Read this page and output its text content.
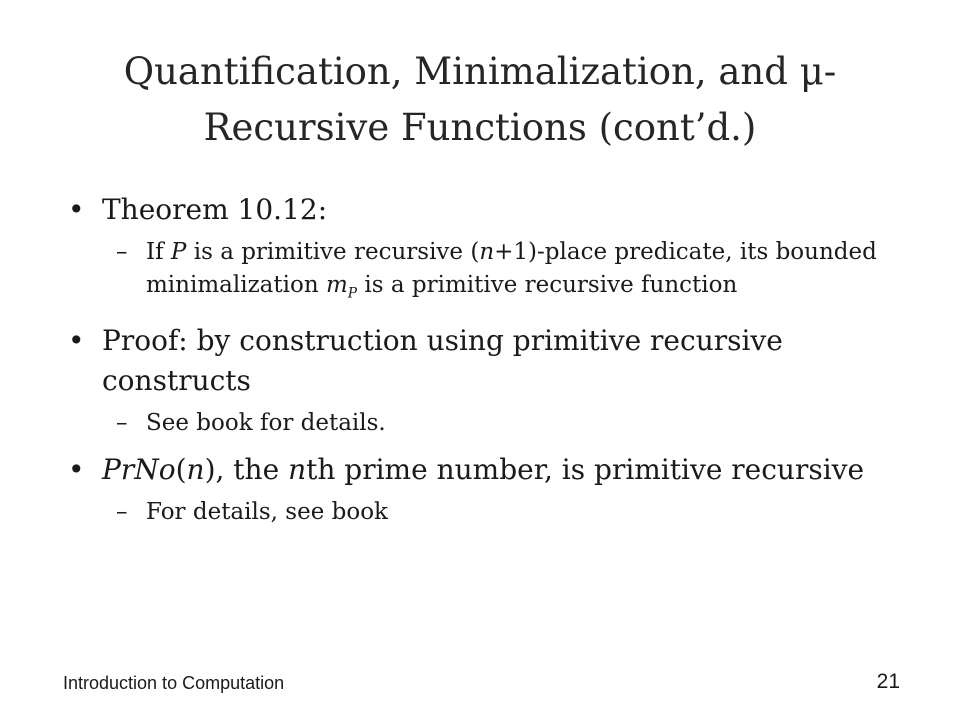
Quantification, Minimalization, and μ-
Recursive Functions (cont’d.)
• Theorem 10.12:
– If P is a primitive recursive (n+1)-place predicate, its bounded minimalization $m_P$ is a primitive recursive function
• Proof: by construction using primitive recursive constructs
– See book for details.
• PrNo(n), the nth prime number, is primitive recursive
– For details, see book
Introduction to Computation	21
